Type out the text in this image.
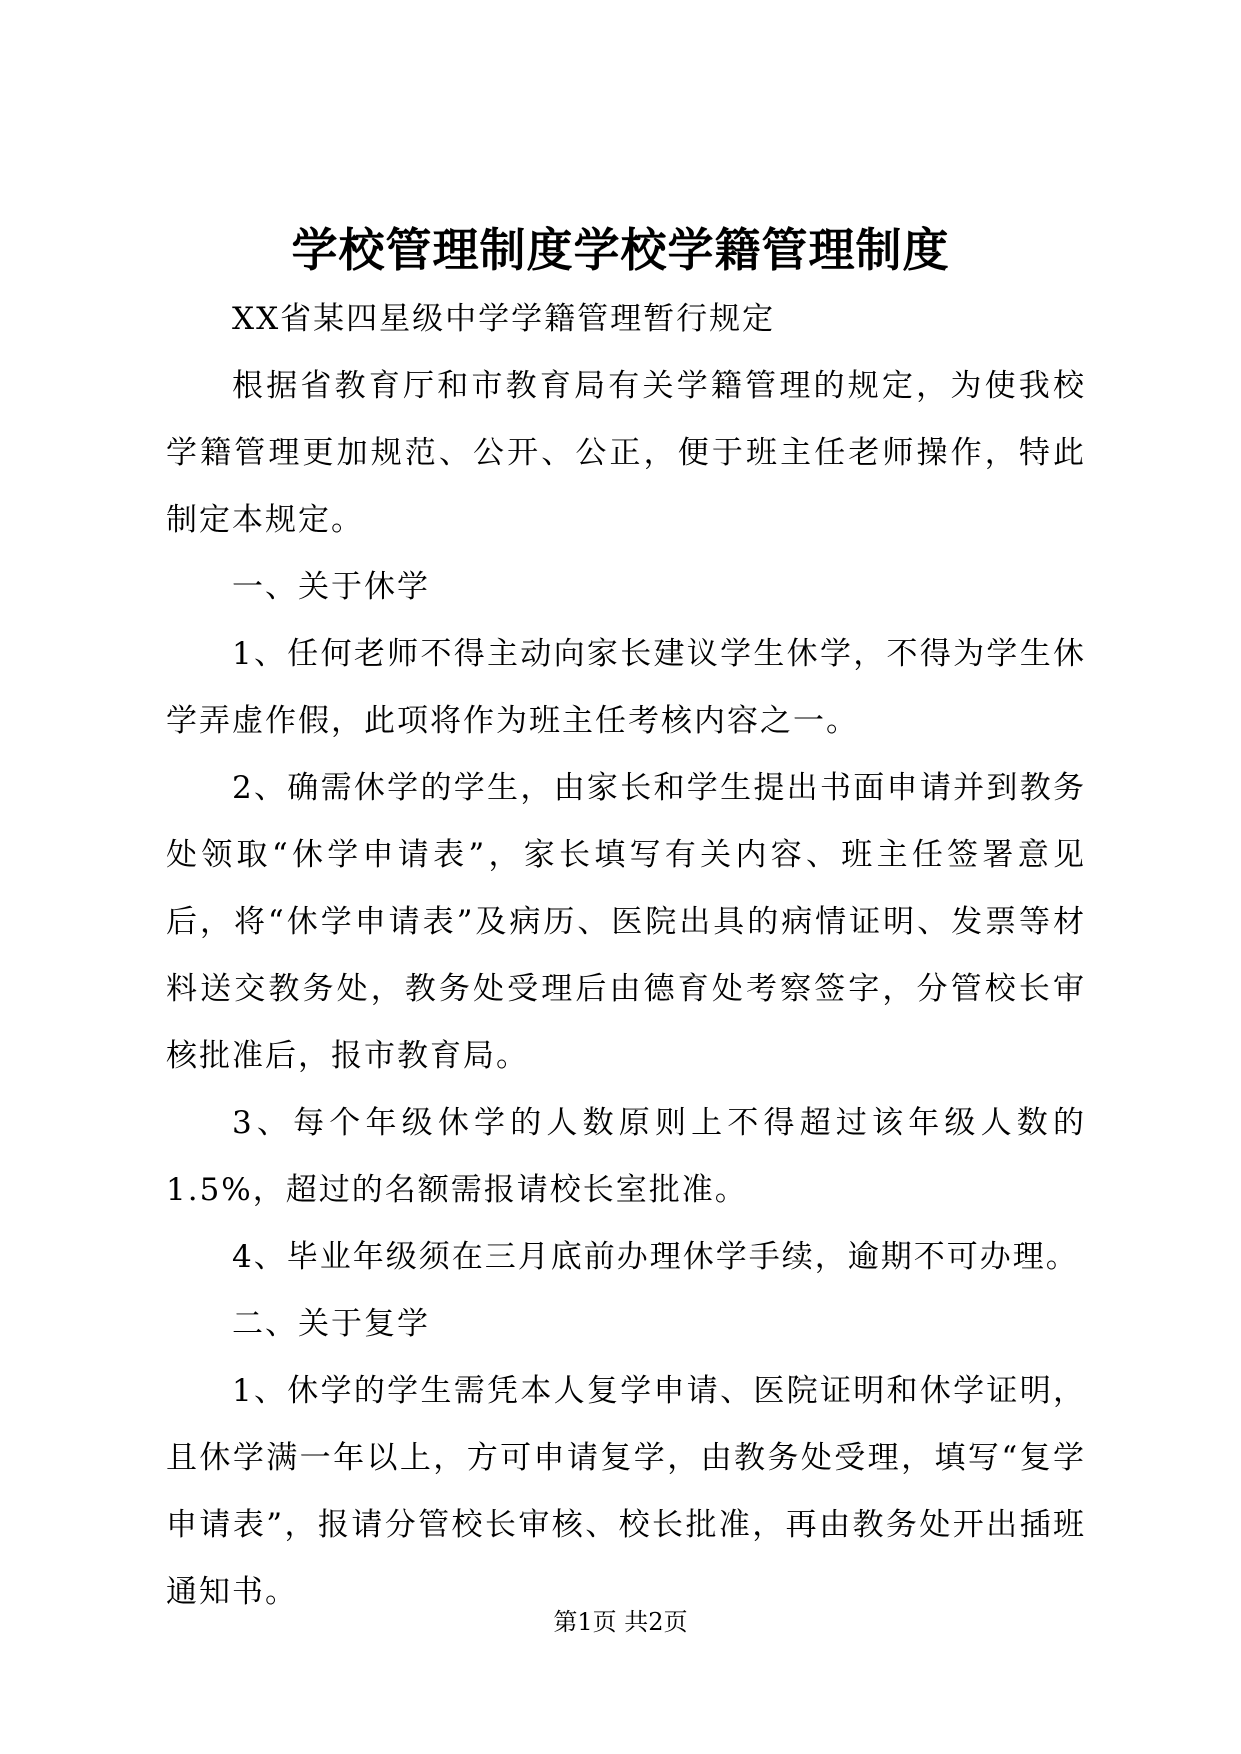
学校管理制度学校学籍管理制度

XX省某四星级中学学籍管理暂行规定

根据省教育厅和市教育局有关学籍管理的规定，为使我校学籍管理更加规范、公开、公正，便于班主任老师操作，特此制定本规定。

一、关于休学

1、任何老师不得主动向家长建议学生休学，不得为学生休学弄虚作假，此项将作为班主任考核内容之一。

2、确需休学的学生，由家长和学生提出书面申请并到教务处领取“休学申请表”，家长填写有关内容、班主任签署意见后，将“休学申请表”及病历、医院出具的病情证明、发票等材料送交教务处，教务处受理后由德育处考察签字，分管校长审核批准后，报市教育局。

3、每个年级休学的人数原则上不得超过该年级人数的1.5%，超过的名额需报请校长室批准。

4、毕业年级须在三月底前办理休学手续，逾期不可办理。

二、关于复学

1、休学的学生需凭本人复学申请、医院证明和休学证明，且休学满一年以上，方可申请复学，由教务处受理，填写“复学申请表”，报请分管校长审核、校长批准，再由教务处开出插班通知书。

第1页 共2页
